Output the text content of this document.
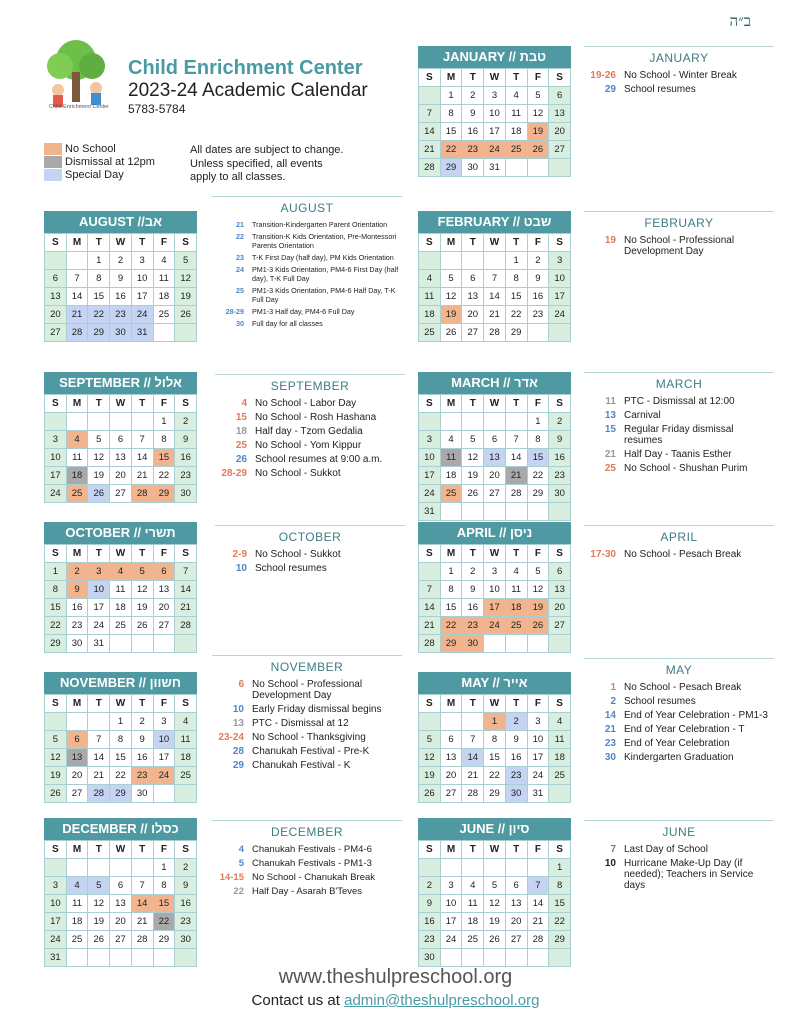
ב״ה
Child Enrichment Center
Child Enrichment Center
2023-24 Academic Calendar
5783-5784
No School
Dismissal at 12pm
Special Day
All dates are subject to change.
Unless specified, all events
apply to all classes.
JANUARY // טבת
S	M	T	W	T	F	S
	1	2	3	4	5	6
7	8	9	10	11	12	13
14	15	16	17	18	19	20
21	22	23	24	25	26	27
28	29	30	31			
AUGUST //אב
S	M	T	W	T	F	S
		1	2	3	4	5
6	7	8	9	10	11	12
13	14	15	16	17	18	19
20	21	22	23	24	25	26
27	28	29	30	31		
FEBRUARY // שבט
S	M	T	W	T	F	S
				1	2	3
4	5	6	7	8	9	10
11	12	13	14	15	16	17
18	19	20	21	22	23	24
25	26	27	28	29		
SEPTEMBER // אלול
S	M	T	W	T	F	S
					1	2
3	4	5	6	7	8	9
10	11	12	13	14	15	16
17	18	19	20	21	22	23
24	25	26	27	28	29	30
MARCH // אדר
S	M	T	W	T	F	S
					1	2
3	4	5	6	7	8	9
10	11	12	13	14	15	16
17	18	19	20	21	22	23
24	25	26	27	28	29	30
31						
OCTOBER // תשרי
S	M	T	W	T	F	S
1	2	3	4	5	6	7
8	9	10	11	12	13	14
15	16	17	18	19	20	21
22	23	24	25	26	27	28
29	30	31				
APRIL // ניסן
S	M	T	W	T	F	S
	1	2	3	4	5	6
7	8	9	10	11	12	13
14	15	16	17	18	19	20
21	22	23	24	25	26	27
28	29	30				
NOVEMBER // חשוון
S	M	T	W	T	F	S
			1	2	3	4
5	6	7	8	9	10	11
12	13	14	15	16	17	18
19	20	21	22	23	24	25
26	27	28	29	30		
MAY // אייר
S	M	T	W	T	F	S
			1	2	3	4
5	6	7	8	9	10	11
12	13	14	15	16	17	18
19	20	21	22	23	24	25
26	27	28	29	30	31	
DECEMBER // כסלו
S	M	T	W	T	F	S
					1	2
3	4	5	6	7	8	9
10	11	12	13	14	15	16
17	18	19	20	21	22	23
24	25	26	27	28	29	30
31						
JUNE // סיון
S	M	T	W	T	F	S
						1
2	3	4	5	6	7	8
9	10	11	12	13	14	15
16	17	18	19	20	21	22
23	24	25	26	27	28	29
30						
JANUARY
19-26 No School - Winter Break
29 School resumes
AUGUST
21 Transition-Kindergarten Parent Orientation
22 Transition-K Kids Orientation, Pre-Montessori Parents Orientation
23 T-K First Day (half day), PM Kids Orientation
24 PM1-3 Kids Orientation, PM4-6 First Day (half day), T-K Full Day
25 PM1-3 Kids Orientation, PM4-6 Half Day, T-K Full Day
28-29 PM1-3 Half day, PM4-6 Full Day
30 Full day for all classes
FEBRUARY
19 No School - Professional Development Day
SEPTEMBER
4 No School - Labor Day
15 No School - Rosh Hashana
18 Half day - Tzom Gedalia
25 No School - Yom Kippur
26 School resumes at 9:00 a.m.
28-29 No School - Sukkot
MARCH
11 PTC - Dismissal at 12:00
13 Carnival
15 Regular Friday dismissal resumes
21 Half Day - Taanis Esther
25 No School - Shushan Purim
OCTOBER
2-9 No School - Sukkot
10 School resumes
APRIL
17-30 No School - Pesach Break
NOVEMBER
6 No School - Professional Development Day
10 Early Friday dismissal begins
13 PTC - Dismissal at 12
23-24 No School - Thanksgiving
28 Chanukah Festival - Pre-K
29 Chanukah Festival - K
MAY
1 No School - Pesach Break
2 School resumes
14 End of Year Celebration - PM1-3
21 End of Year Celebration - T
23 End of Year Celebration
30 Kindergarten Graduation
DECEMBER
4 Chanukah Festivals - PM4-6
5 Chanukah Festivals - PM1-3
14-15 No School - Chanukah Break
22 Half Day - Asarah B'Teves
JUNE
7 Last Day of School
10 Hurricane Make-Up Day (if needed); Teachers in Service days
www.theshulpreschool.org
Contact us at admin@theshulpreschool.org
